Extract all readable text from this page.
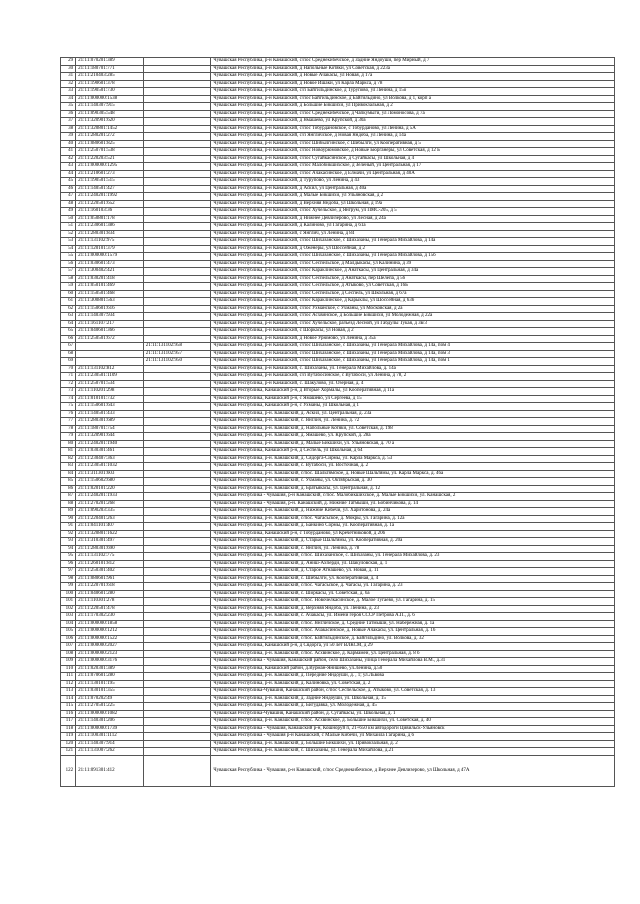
29	21:11:070201:389		Чувашская Республика, р-н Канашский, с/пос Среднекибечское, д Задние Яндоуши, пер Мирный, д 7
30	21:11:180701:771		Чувашская Республика, р-н Канашский, д Напольные Котяки, ул Советская, д 223а
31	21:11:210403:285		Чувашская Республика, р-н Канашский, д Новые Ачакасы, ул Новая, д 17а
32	21:11:190601:378		Чувашская Республика, р-н Канашский, д Новое Ишаки, ул Карла Маркса, д 78
33	21:11:190501:730		Чувашская Республика, р-н Канашский, с/п Байгильдинское, д Турупово, ул Ленина, д 15о
34	21:11:000000:1538		Чувашская Республика, р-н Канашский, с/пос Байгильдинское, д Байгильдино, ул Волкова, д 1, корп а
35	21:11:140307:915		Чувашская Республика, р-н Канашский, д Большие Бикшихи, ул Привокзальная, д 2
36	21:11:090305:548		Чувашская Республика, р-н Канашский, с/пос Среднекибечское, д Чапкумыги, ул Ломоносова, д 7а
37	21:11:320901:620		Чувашская Республика, р-н Канашский, д Ямашево, ул Крупской, д 30а
38	21:11:320801:1452		Чувашская Республика, р-н Канашский, с/пос Тобурдановское, с Тобурданово, ул Ленина, д 5А
39	21:11:280201:272		Чувашская Республика, р-н Канашский, с/п Янгличское, д Новая Яндоба, ул Ленина, д 14а
40	21:11:080601:825		Чувашская Республика, р-н Канашский, с/пос Шибылгинское, с Шибылги, ул Кооперативная, д 5
41	21:11:250701:538		Чувашская Республика, р-н Канашский, с/пос Новоурюмовское, д Новые Бюрганеры, ул Советская, д 12 Б
42	21:11:220203:521		Чувашская Республика, р-н Канашский, с/пос Сугайкасинское, д Сугайкасы, ул Школьная, д 4
43	21:11:000000:1295		Чувашская Республика, р-н Канашский, с/пос Малобикшихское, д Зеленый, ул Центральная, д 17
44	21:11:210601:273		Чувашская Республика, р-н Канашский, с/пос Ачакасинское, д Елмачи, ул Центральная, д 40А
45	21:11:190501:515		Чувашская Республика, р-н Канашский, д Турупово, ул Ленина, д 43
46	21:11:140501:427		Чувашская Республика, р-н Канашский, д Аскил, ул Центральная, д 40а
47	21:11:240201:1992		Чувашская Республика, р-н Канашский, д Малые Бикшихи, ул Ульяновская, д 2
48	21:11:220501:652		Чувашская Республика, р-н Канашский, д Верхняя Яндоба, ул Школьная, д 19а
49	21:11:160103:36		Чувашская Республика, р-н Канашский, с/пос Хучельское, д Янгрум, ул ПМС-205, д 5
50	21:11:050801:178		Чувашская Республика, р-н Канашский, д Нижнее Девлизерово, ул Лесная, д 24а
51	21:11:230601:386		Чувашская Республика, р-н Канашский, д Калиново, ул Гагарина, д 61а
52	21:11:280301:834		Чувашская Республика, р-н Канашский, с Янглич, ул Ленина, д 84
53	21:11:131102:975		Чувашская Республика, р-н Канашский, с/пос Шихазанское, с Шихазаны, ул Генерала Михайлова, д 14а
54	21:11:120101:379		Чувашская Республика, р-н Канашский, д Оженеры, ул Шоссейная, д 2
55	21:11:000000:1579		Чувашская Республика, р-н Канашский, с/пос Шихазанское, с Шихазаны, ул Генерала Михайлова, д 15б
56	21:11:030601:473		Чувашская Республика, р-н Канашский, с/пос Сеспельское, д Малдыкасы, ул Калинина, д 39
57	21:11:300402:421		Чувашская Республика, р-н Канашский, с/пос Караклинское, д Анаткасы, ул Центральная, д 34а
58	21:11:030201:418		Чувашская Республика, р-н Канашский, с/пос Сеспельское, д Анаткасы, пер Шелепа, д 56
59	21:11:050101:469		Чувашская Республика, р-н Канашский, с/пос Сеспельское, д Атыково, ул Советская, д 16Б
60	21:11:150501:468		Чувашская Республика, р-н Канашский, с/пос Сеспельское, д Сеспель, ул Школьная, д 67а
61	21:11:300801:563		Чувашская Республика, р-н Канашский, с/пос Караклинское, д Карыклы, ул Шоссейная, д 63б
62	21:11:150601:616		Чувашская Республика, р-н Канашский, с/пос Ухманское, с Ухманы, ул Московская, д 2а
63	21:11:140307:934		Чувашская Республика, р-н Канашский, с/пос Асхвинское, д Большие Бикшихи, ул Молодежная, д 22а
64	21:11:161107:217		Чувашская Республика, р-н Канашский, с/пос Хучельское, разъезд Лесной, ул Габдулы Тукая, д 3в/3
65	21:11:040601:366		Чувашская Республика, р-н Канашский, с Шоркасы, ул Новая, д 2
66	21:11:250501:672		Чувашская Республика, р-н Канашский, д Новое Урюмово, ул Ленина, д 35а
67		21:11:131102:958	Чувашская Республика, р-н Канашский, с/пос Шихазанское, с Шихазаны, ул Генерала Михайлова, д 14а, пом 4
68		21:11:131102:957	Чувашская Республика, р-н Канашский, с/пос Шихазанское, с Шихазаны, ул Генерала Михайлова, д 14а, пом 3
69		21:11:131102:950	Чувашская Республика, р-н Канашский, с/пос Шихазанское, с Шихазаны, ул Генерала Михайлова, д 14а, пом 1
70	21:11:131102:812		Чувашская Республика, р-н Канашский, с. Шихазаны, ул. Генерала Михайлова, д. 14а
71	21:11:230501:1109		Чувашская Республика, р-н Канашский, с/п Вутабосинское, с Вутабоси, ул Ленина, д 78, 2
72	21:11:250701:534		Чувашская Республика, р-н Канашский, с. Шакулово, ул. Озерная, д. 4
73	21:11:110201:298		Чувашская Республика, Канашский р-н, д Вторые Хормалы, ул Кооперативная, д 11а
74	21:11:010101:732		Чувашская Республика, Канашский р-н, с Ямашево, ул Сергеева, д 15
75	21:11:150601:643		Чувашская Республика, Канашский р-н, с Ухманы, ул Школьная, д 1
76	21:11:140501:433		Чувашская Республика, р-н. Канашский, д. Аскил, ул. Центральная, д. 23а
77	21:11:280301:689		Чувашская Республика, р-н. Канашский, с. Янглич, ул. Ленина, д. 72
78	21:11:180701:754		Чувашская Республика, р-н. Канашский, д. Напольные Котяки, ул. Советская, д. 198
79	21:11:320901:644		Чувашская Республика, р-н. Канашский, д. Ямашево, ул. Крупской, д. 28а
80	21:11:240201:1940		Чувашская Республика, р-н. Канашский, д. Малые Бикшихи, ул. Ульяновская, д. 70 а
81	21:11:030301:461		Чувашская Республика, Канашский р-н, д Сеспель, ул Школьная, д 64
82	21:11:230407:363		Чувашская Республика, р-н. Канашский, д. Сядорга-Сирмы, ул. Карла Маркса, д. 53
83	21:11:230501:1032		Чувашская Республика, р-н. Канашский, с. Вутабоси, ул. Восточная, д. 2
84	21:11:311301:603		Чувашская Республика, р-н. Канашский, с/пос. Шальтямское, д. Новые Шальтямы, ул. Карла Маркса, д. 46а
85	21:11:150602:680		Чувашская Республика, р-н. Канашский, с. Ухманы, ул. Октябрьская, д. 30
86	21:11:020101:220		Чувашская Республика, р-н. Канашский, д. Братьякасы, ул. Центральная, д. 12
87	21:11:240201:1933		Чувашская Республика - Чувашия, р-н Канашский, с/пос. Малобикшихское, д. Малые Бикшихи, ул. Канашская, 2
88	21:11:270201:268		Чувашская Республика - Чувашия, р-н. Канашский, д. Нижние Татмыши, ул. Бобинчикова, д. 14
89	21:11:090203:335		Чувашская Республика, р-н. Канашский, д. Нижние Кибечи, ул. Харитонова, д. 24а
90	21:11:220401:263		Чувашская Республика, р-н. Канашский, с/пос. Чагасьское, д. Мокры, ул. Гагарина, д. 12а
91	21:11:041101:407		Чувашская Республика, р-н. Канашский, д. Банкино Сормы, ул. Кооперативная, д. 1а
92	21:11:320801:1622		Чувашская Республика, Канашский р-н, с Тобурданово, ул Кречетниковой, д 20б
93	21:11:310301:497		Чувашская Республика, р-н. Канашский, д. Старые Шальтямы, ул. Кооперативная, д. 20а
94	21:11:280301:690		Чувашская Республика, р-н. Канашский, с. Янглич, ул. Ленина, д. 78
95	21:11:131102:775		Чувашская Республика, р-н. Канашский, с/пос. Шихазанское, с. Шихазаны, ул. Генерала Михайлова, д. 23
96	21:11:260101:812		Чувашская Республика, р-н. Канашский, д. Аниш-Ахперди, ул. Шакуловская, д. 1
97	21:11:250301:402		Чувашская Республика, р-н. Канашский, д. Старое Атнашево, ул. Новая, д. 11
98	21:11:080601:961		Чувашская Республика, р-н. Канашский, с. Шибылги, ул. Кооперативная, д. 4
99	21:11:220701:618		Чувашская Республика, р-н. Канашский, с/пос. Чагасьское, д. Чагасы, ул. Гагарина, д. 23
100	21:11:040601:280		Чувашская Республика, р-н. Канашский, с. Шоркасы, ул. Советская, д. 6а
101	21:11:110301:278		Чувашская Республика, р-н. Канашский, с/пос. Новочелкасинское, д. Малое Тугаево, ул. Гагарина, д. 15
102	21:11:220501:478		Чувашская Республика, р-н. Канашский, д. Верхняя Яндоба, ул. Ленина, д. 23
103	21:11:170302:230		Чувашская Республика, р-н. Канашский, с. Ачакасы, ул. Имени героя СССР Петрова А.П., д. 6
104	21:11:000000:1858		Чувашская Республика, р-н. Канашский, с/пос. Янгличское, д. Средние Татмыши, ул. Набережная, д. 1а
105	21:11:000000:1212		Чувашская Республика, р-н. Канашский, с/пос. Ачакасинское, д. Новые Ачакасы, ул. Центральная, д. 16
106	21:11:000000:1522		Чувашская Республика, р-н. Канашский, с/пос. Байгильдинское, д. Байгильдино, ул. Волкова, д. 32
107	21:11:000000:2027		Чувашская Республика, Канашский р-н, д Сядорга, ул 50 лет ВЛКСМ, д 29
108	21:11:000000:2123		Чувашская Республика, р-н. Канашский, с/пос. Асхвинское, д. Кармамеи, ул. Центральная, д. 8 б
109	21:11:000000:3176		Чувашская Республика - Чувашия, Канашский район, село Шихазаны, улица Генерала Михайлова В.М., д.31
110	21:11:020301:389		Чувашская Республика, Канашский район, д.Вурман-Янишево, ул.Ленина, д.50
111	21:11:070601:280		Чувашская Республика, р-н. Канашский, д. Передние Яндоуши, д. , 1; ул.Львова
112	21:11:130101:195		Чувашская Республика, р-н. Канашский, д. Калиновка, ул. Советская, д. 2
113	21:11:030101:355		Чувашская Республика-Чувашия, Канашский район, с/пос Сеспельское, д. Атыково, ул. Советская, д. 13
114	21:11:070202:49		Чувашская Республика, р-н. Канашский, д. Задние Яндоуши, ул. Школьная, д. 15
115	21:11:270501:225		Чувашская Республика, р-н. Канашский, д. Бигудавка, ул. Молодежная, д. 45
116	21:11:000000:1082		Чувашская Республика-Чувашия, Канашский район, д. Сугайкасы, ул. Школьная, д. 1
117	21:11:140301:206		Чувашская Республика, р-н. Канашский, с/пос. Асхвинское, д. Большие Бикшихи, ул. Советская, д. 40
118	21:11:000000:1739		Чувашская Республика - Чувашия, Канашский р-н, Кошноруй п, 21+650 км автодороги Цивильск-Ульяновск
119	21:11:100301:1112		Чувашская Республика - Чувашия р-н Канашский, с Малые Кибечи, ул Михаила Гагарина, д 6
120	21:11:140307:914		Чувашская Республика, р-н. Канашский, д. Большие Бикшихи, ул. Привокзальная, д. 2
121	21:11:131007:262		Чувашская Республика, р-н. Канашский, с. Шихазаны, ул. Генерала Михайлова, д.21
122	21:11:091301:412		Чувашская Республика - Чувашия, р-н Канашский, с/пос Среднекибечское, д Верхнее Девлизерово, ул Школьная, д 47А
